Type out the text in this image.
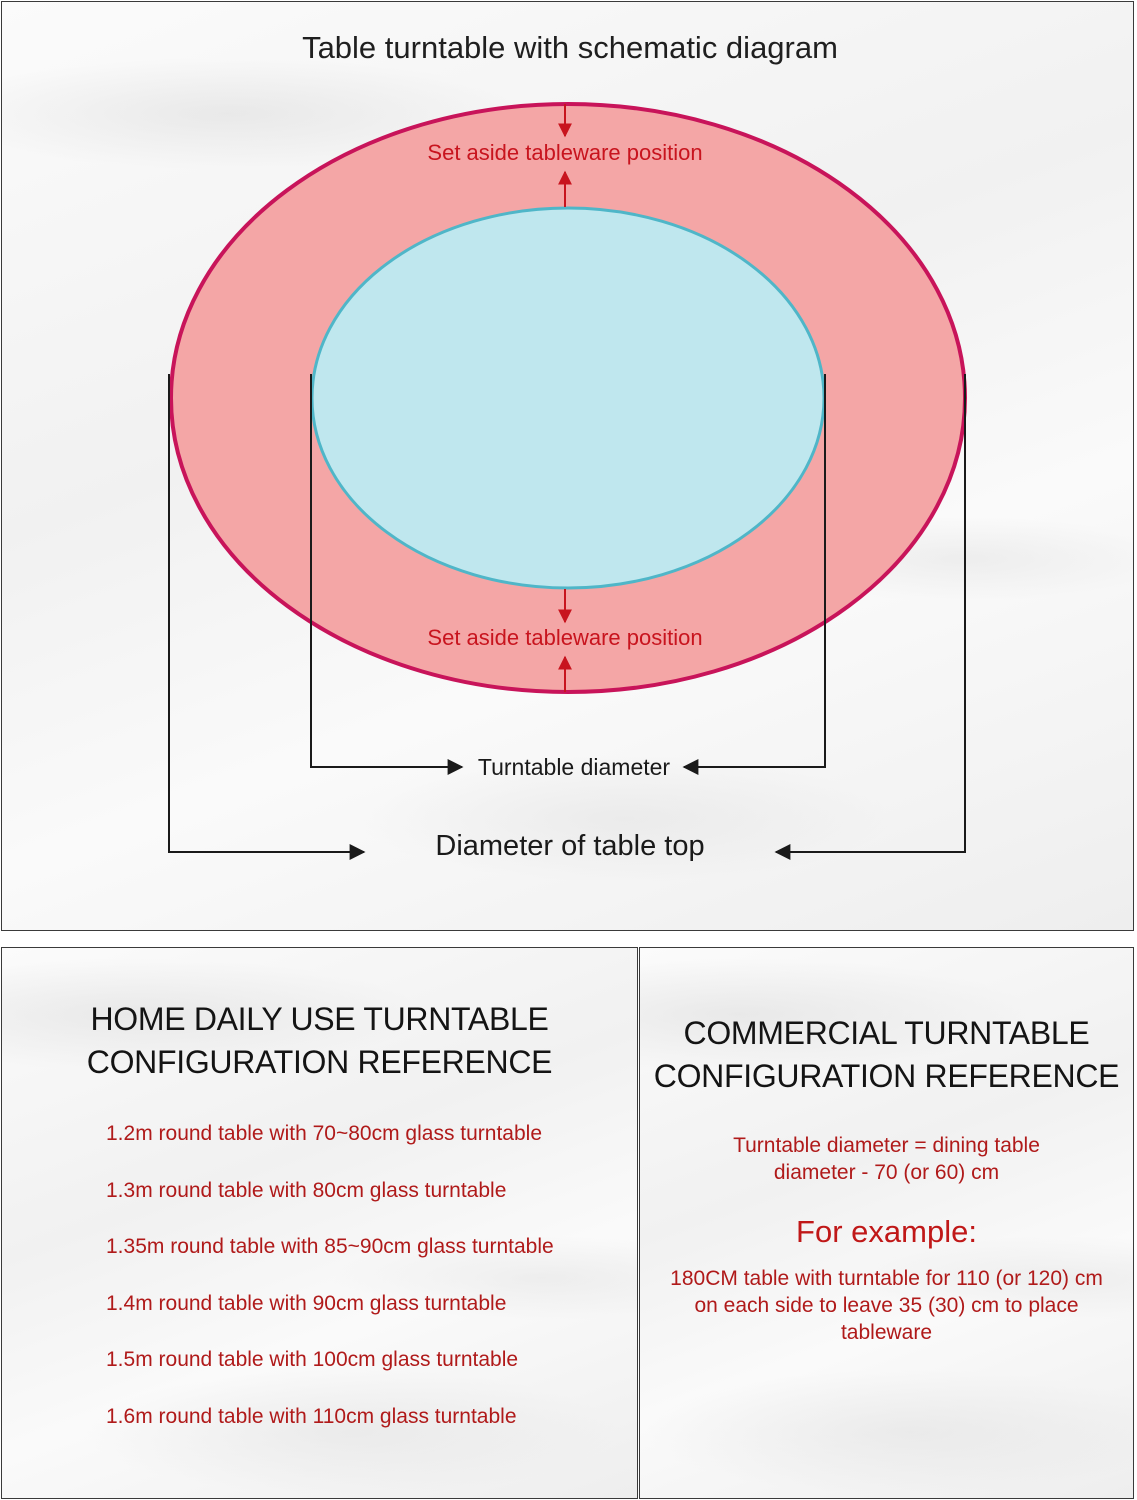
Table turntable with schematic diagram
Set aside tableware position
Set aside tableware position
Turntable diameter
Diameter of table top
HOME DAILY USE TURNTABLE
CONFIGURATION REFERENCE
1.2m round table with 70~80cm glass turntable
1.3m round table with 80cm glass turntable
1.35m round table with 85~90cm glass turntable
1.4m round table with 90cm glass turntable
1.5m round table with 100cm glass turntable
1.6m round table with 110cm glass turntable
COMMERCIAL TURNTABLE
CONFIGURATION REFERENCE
Turntable diameter = dining table
diameter - 70 (or 60) cm
For example:
180CM table with turntable for 110 (or 120) cm
on each side to leave 35 (30) cm to place
tableware
